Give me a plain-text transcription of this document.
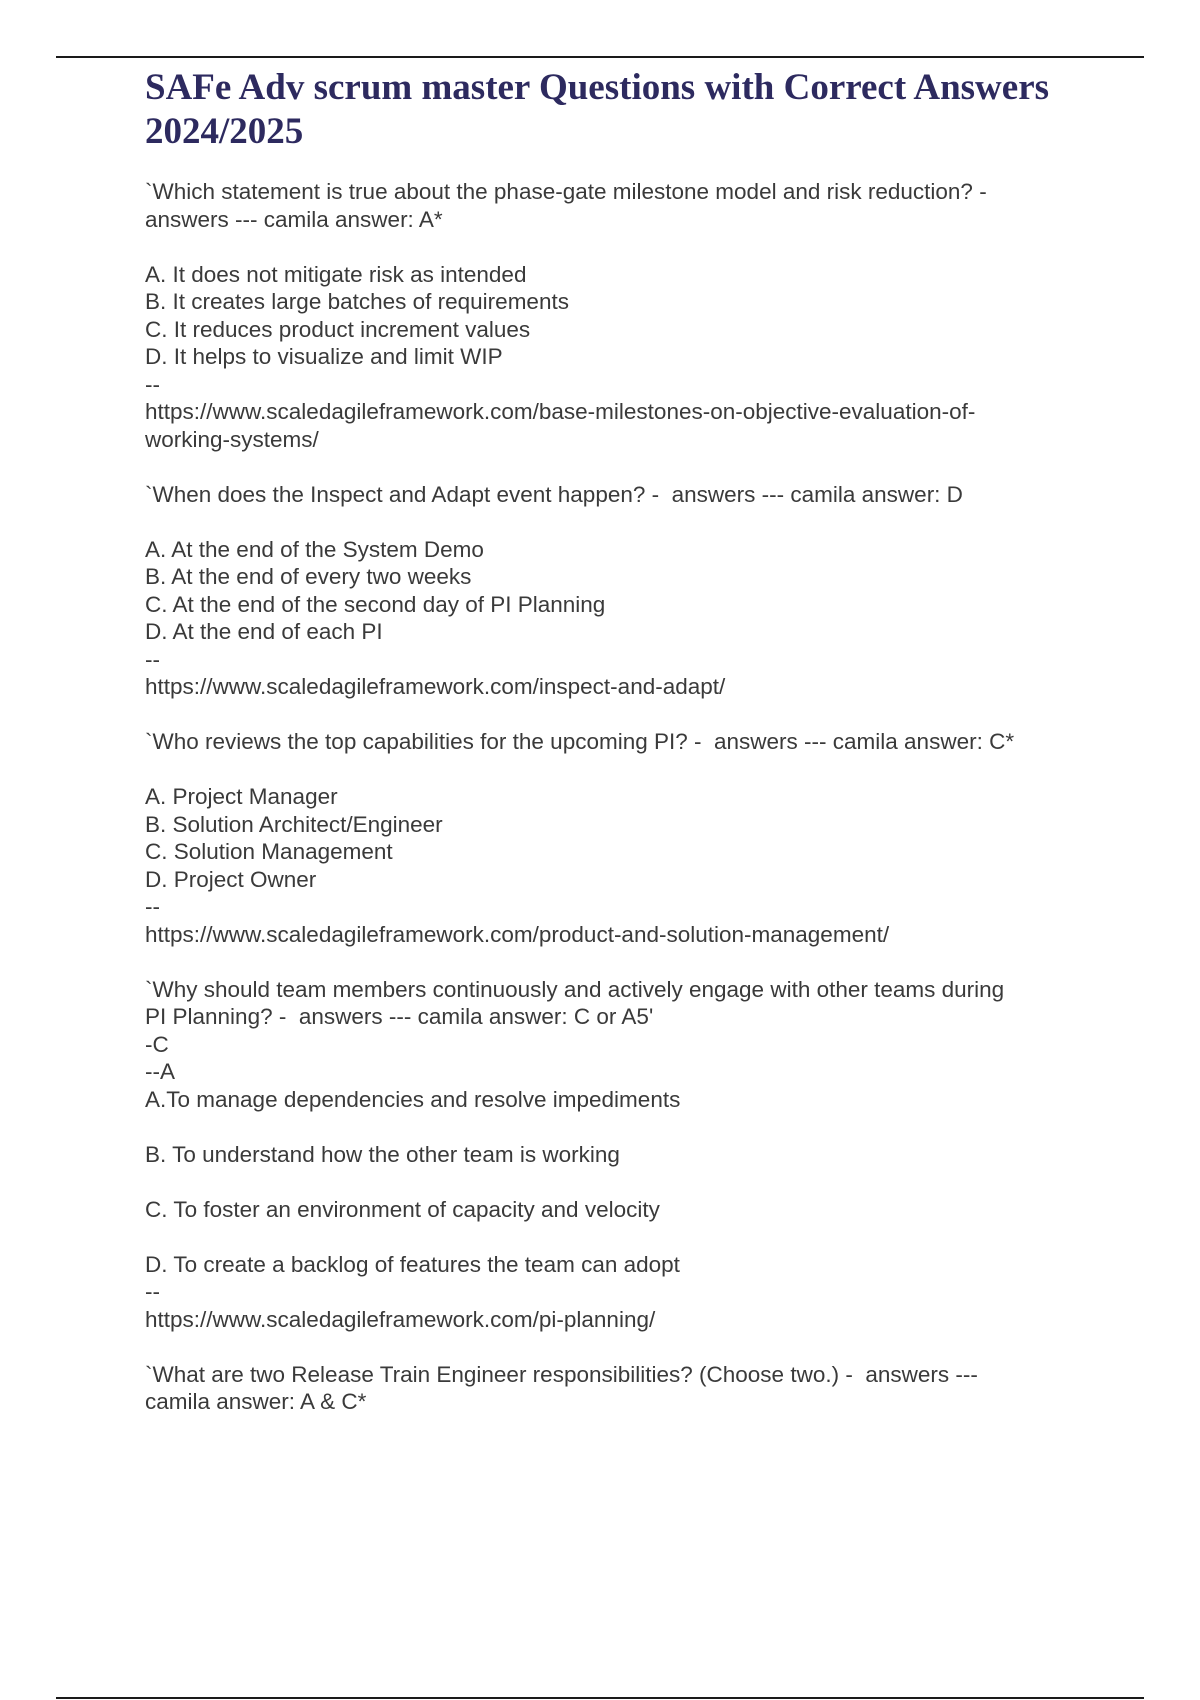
SAFe Adv scrum master Questions with Correct Answers
2024/2025
`Which statement is true about the phase-gate milestone model and risk reduction? -
answers --- camila answer: A*
A. It does not mitigate risk as intended
B. It creates large batches of requirements
C. It reduces product increment values
D. It helps to visualize and limit WIP
--
https://www.scaledagileframework.com/base-milestones-on-objective-evaluation-of-
working-systems/
`When does the Inspect and Adapt event happen? -  answers --- camila answer: D
A. At the end of the System Demo
B. At the end of every two weeks
C. At the end of the second day of PI Planning
D. At the end of each PI
--
https://www.scaledagileframework.com/inspect-and-adapt/
`Who reviews the top capabilities for the upcoming PI? -  answers --- camila answer: C*
A. Project Manager
B. Solution Architect/Engineer
C. Solution Management
D. Project Owner
--
https://www.scaledagileframework.com/product-and-solution-management/
`Why should team members continuously and actively engage with other teams during
PI Planning? -  answers --- camila answer: C or A5'
-C
--A
A.To manage dependencies and resolve impediments
B. To understand how the other team is working
C. To foster an environment of capacity and velocity
D. To create a backlog of features the team can adopt
--
https://www.scaledagileframework.com/pi-planning/
`What are two Release Train Engineer responsibilities? (Choose two.) -  answers ---
camila answer: A & C*
